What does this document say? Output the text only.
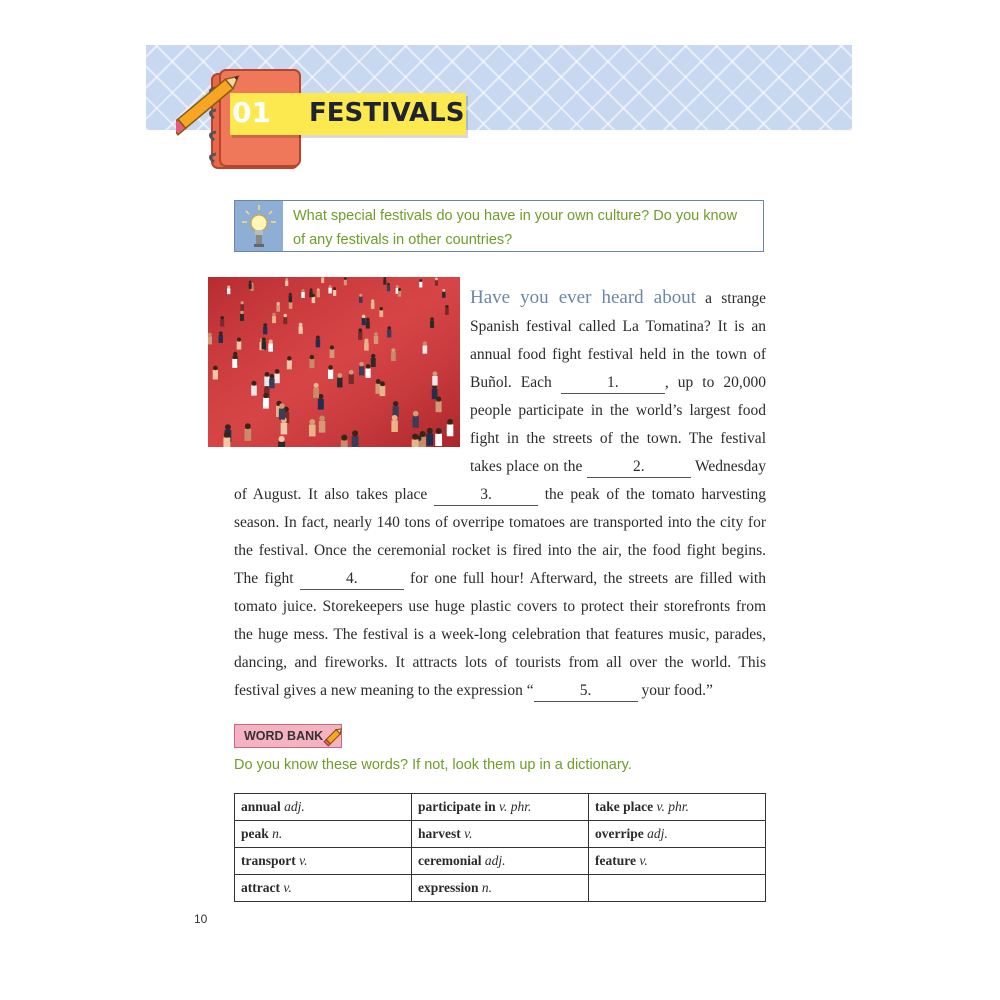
01 FESTIVALS
What special festivals do you have in your own culture? Do you know of any festivals in other countries?
Have you ever heard about a strange Spanish festival called La Tomatina? It is an annual food fight festival held in the town of Buñol. Each	1.	, up to 20,000 people participate in the world’s largest food fight in the streets of the town. The festival takes place on the	2.	Wednesday of August. It also takes place	3.	the peak of the tomato harvesting season. In fact, nearly 140 tons of overripe tomatoes are transported into the city for the festival. Once the ceremonial rocket is fired into the air, the food fight begins. The fight	4.	for one full hour! Afterward, the streets are filled with tomato juice. Storekeepers use huge plastic covers to protect their storefronts from the huge mess. The festival is a week-long celebration that features music, parades, dancing, and fireworks. It attracts lots of tourists from all over the world. This festival gives a new meaning to the expression “	5.	your food.”
WORD BANK
Do you know these words? If not, look them up in a dictionary.
annual adj.	participate in v. phr.	take place v. phr.
peak n.	harvest v.	overripe adj.
transport v.	ceremonial adj.	feature v.
attract v.	expression n.	
10
